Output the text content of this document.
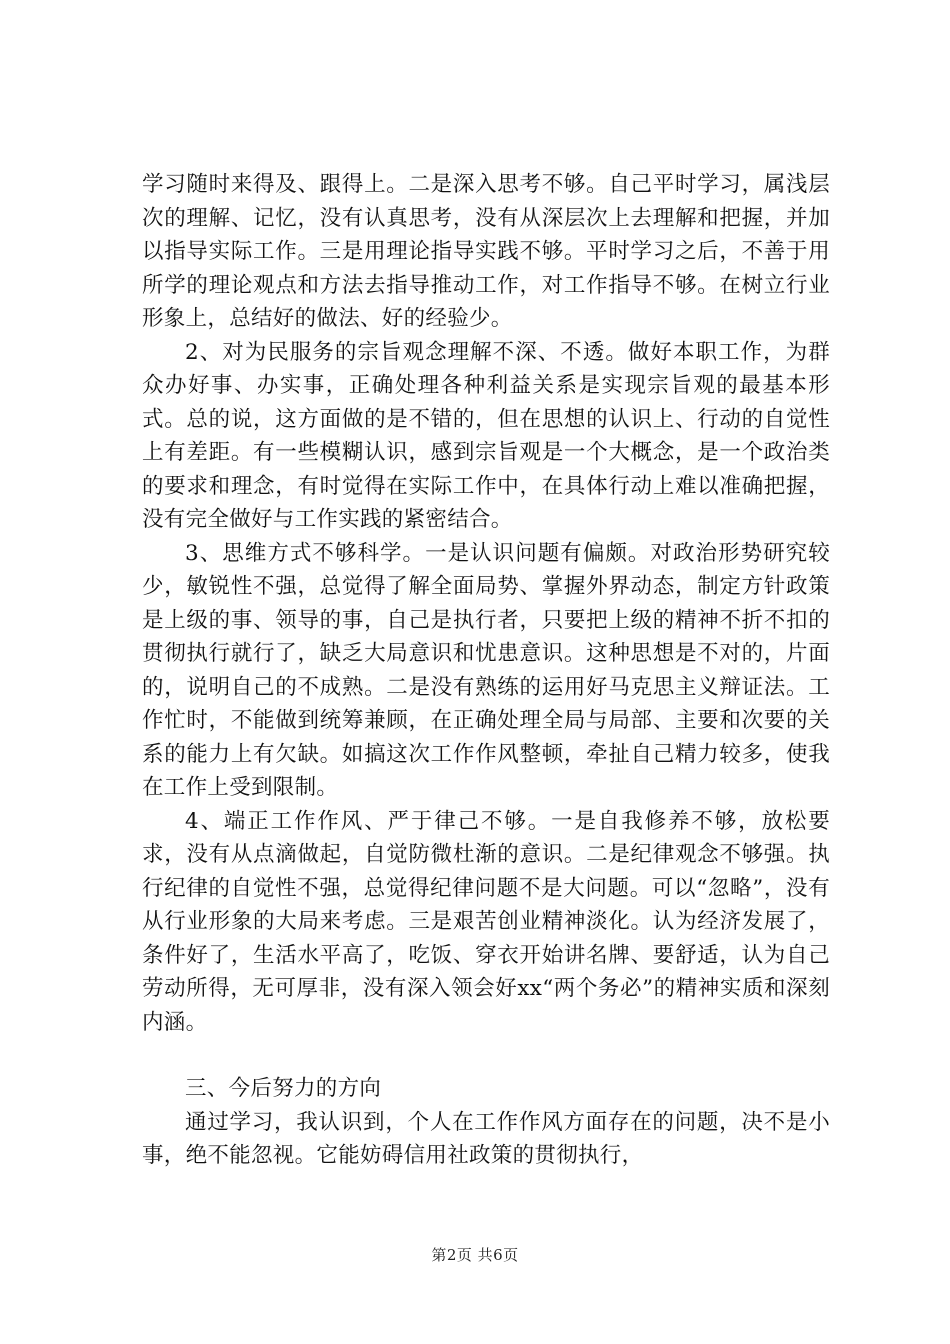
学习随时来得及、跟得上。二是深入思考不够。自己平时学习，属浅层次的理解、记忆，没有认真思考，没有从深层次上去理解和把握，并加以指导实际工作。三是用理论指导实践不够。平时学习之后，不善于用所学的理论观点和方法去指导推动工作，对工作指导不够。在树立行业形象上，总结好的做法、好的经验少。

2、对为民服务的宗旨观念理解不深、不透。做好本职工作，为群众办好事、办实事，正确处理各种利益关系是实现宗旨观的最基本形式。总的说，这方面做的是不错的，但在思想的认识上、行动的自觉性上有差距。有一些模糊认识，感到宗旨观是一个大概念，是一个政治类的要求和理念，有时觉得在实际工作中，在具体行动上难以准确把握，没有完全做好与工作实践的紧密结合。

3、思维方式不够科学。一是认识问题有偏颇。对政治形势研究较少，敏锐性不强，总觉得了解全面局势、掌握外界动态，制定方针政策是上级的事、领导的事，自己是执行者，只要把上级的精神不折不扣的贯彻执行就行了，缺乏大局意识和忧患意识。这种思想是不对的，片面的，说明自己的不成熟。二是没有熟练的运用好马克思主义辩证法。工作忙时，不能做到统筹兼顾，在正确处理全局与局部、主要和次要的关系的能力上有欠缺。如搞这次工作作风整顿，牵扯自己精力较多，使我在工作上受到限制。

4、端正工作作风、严于律己不够。一是自我修养不够，放松要求，没有从点滴做起，自觉防微杜渐的意识。二是纪律观念不够强。执行纪律的自觉性不强，总觉得纪律问题不是大问题。可以“忽略”，没有从行业形象的大局来考虑。三是艰苦创业精神淡化。认为经济发展了，条件好了，生活水平高了，吃饭、穿衣开始讲名牌、要舒适，认为自己劳动所得，无可厚非，没有深入领会好xx“两个务必”的精神实质和深刻内涵。

三、今后努力的方向

通过学习，我认识到，个人在工作作风方面存在的问题，决不是小事，绝不能忽视。它能妨碍信用社政策的贯彻执行，

第2页 共6页
